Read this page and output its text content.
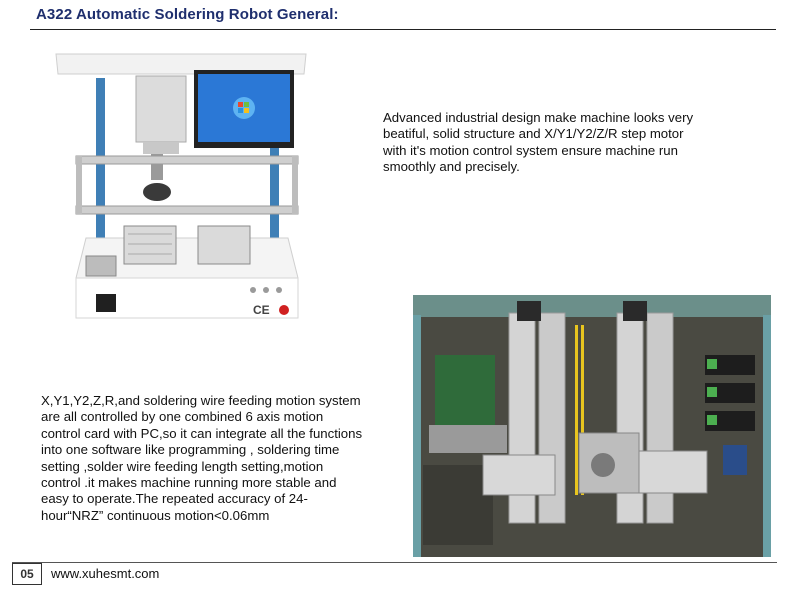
A322 Automatic Soldering Robot General:
CE
Advanced industrial design make machine looks very
beatiful, solid structure and X/Y1/Y2/Z/R step motor
with it's motion control system ensure machine run
smoothly and precisely.
X,Y1,Y2,Z,R,and soldering wire feeding motion system
are all controlled by one combined 6 axis motion
control card with PC,so it can integrate all the functions
into one software like programming , soldering time
setting ,solder wire feeding length setting,motion
control .it makes machine running more stable and
easy to operate.The repeated accuracy of 24-
hour“NRZ” continuous motion<0.06mm
05	www.xuhesmt.com
